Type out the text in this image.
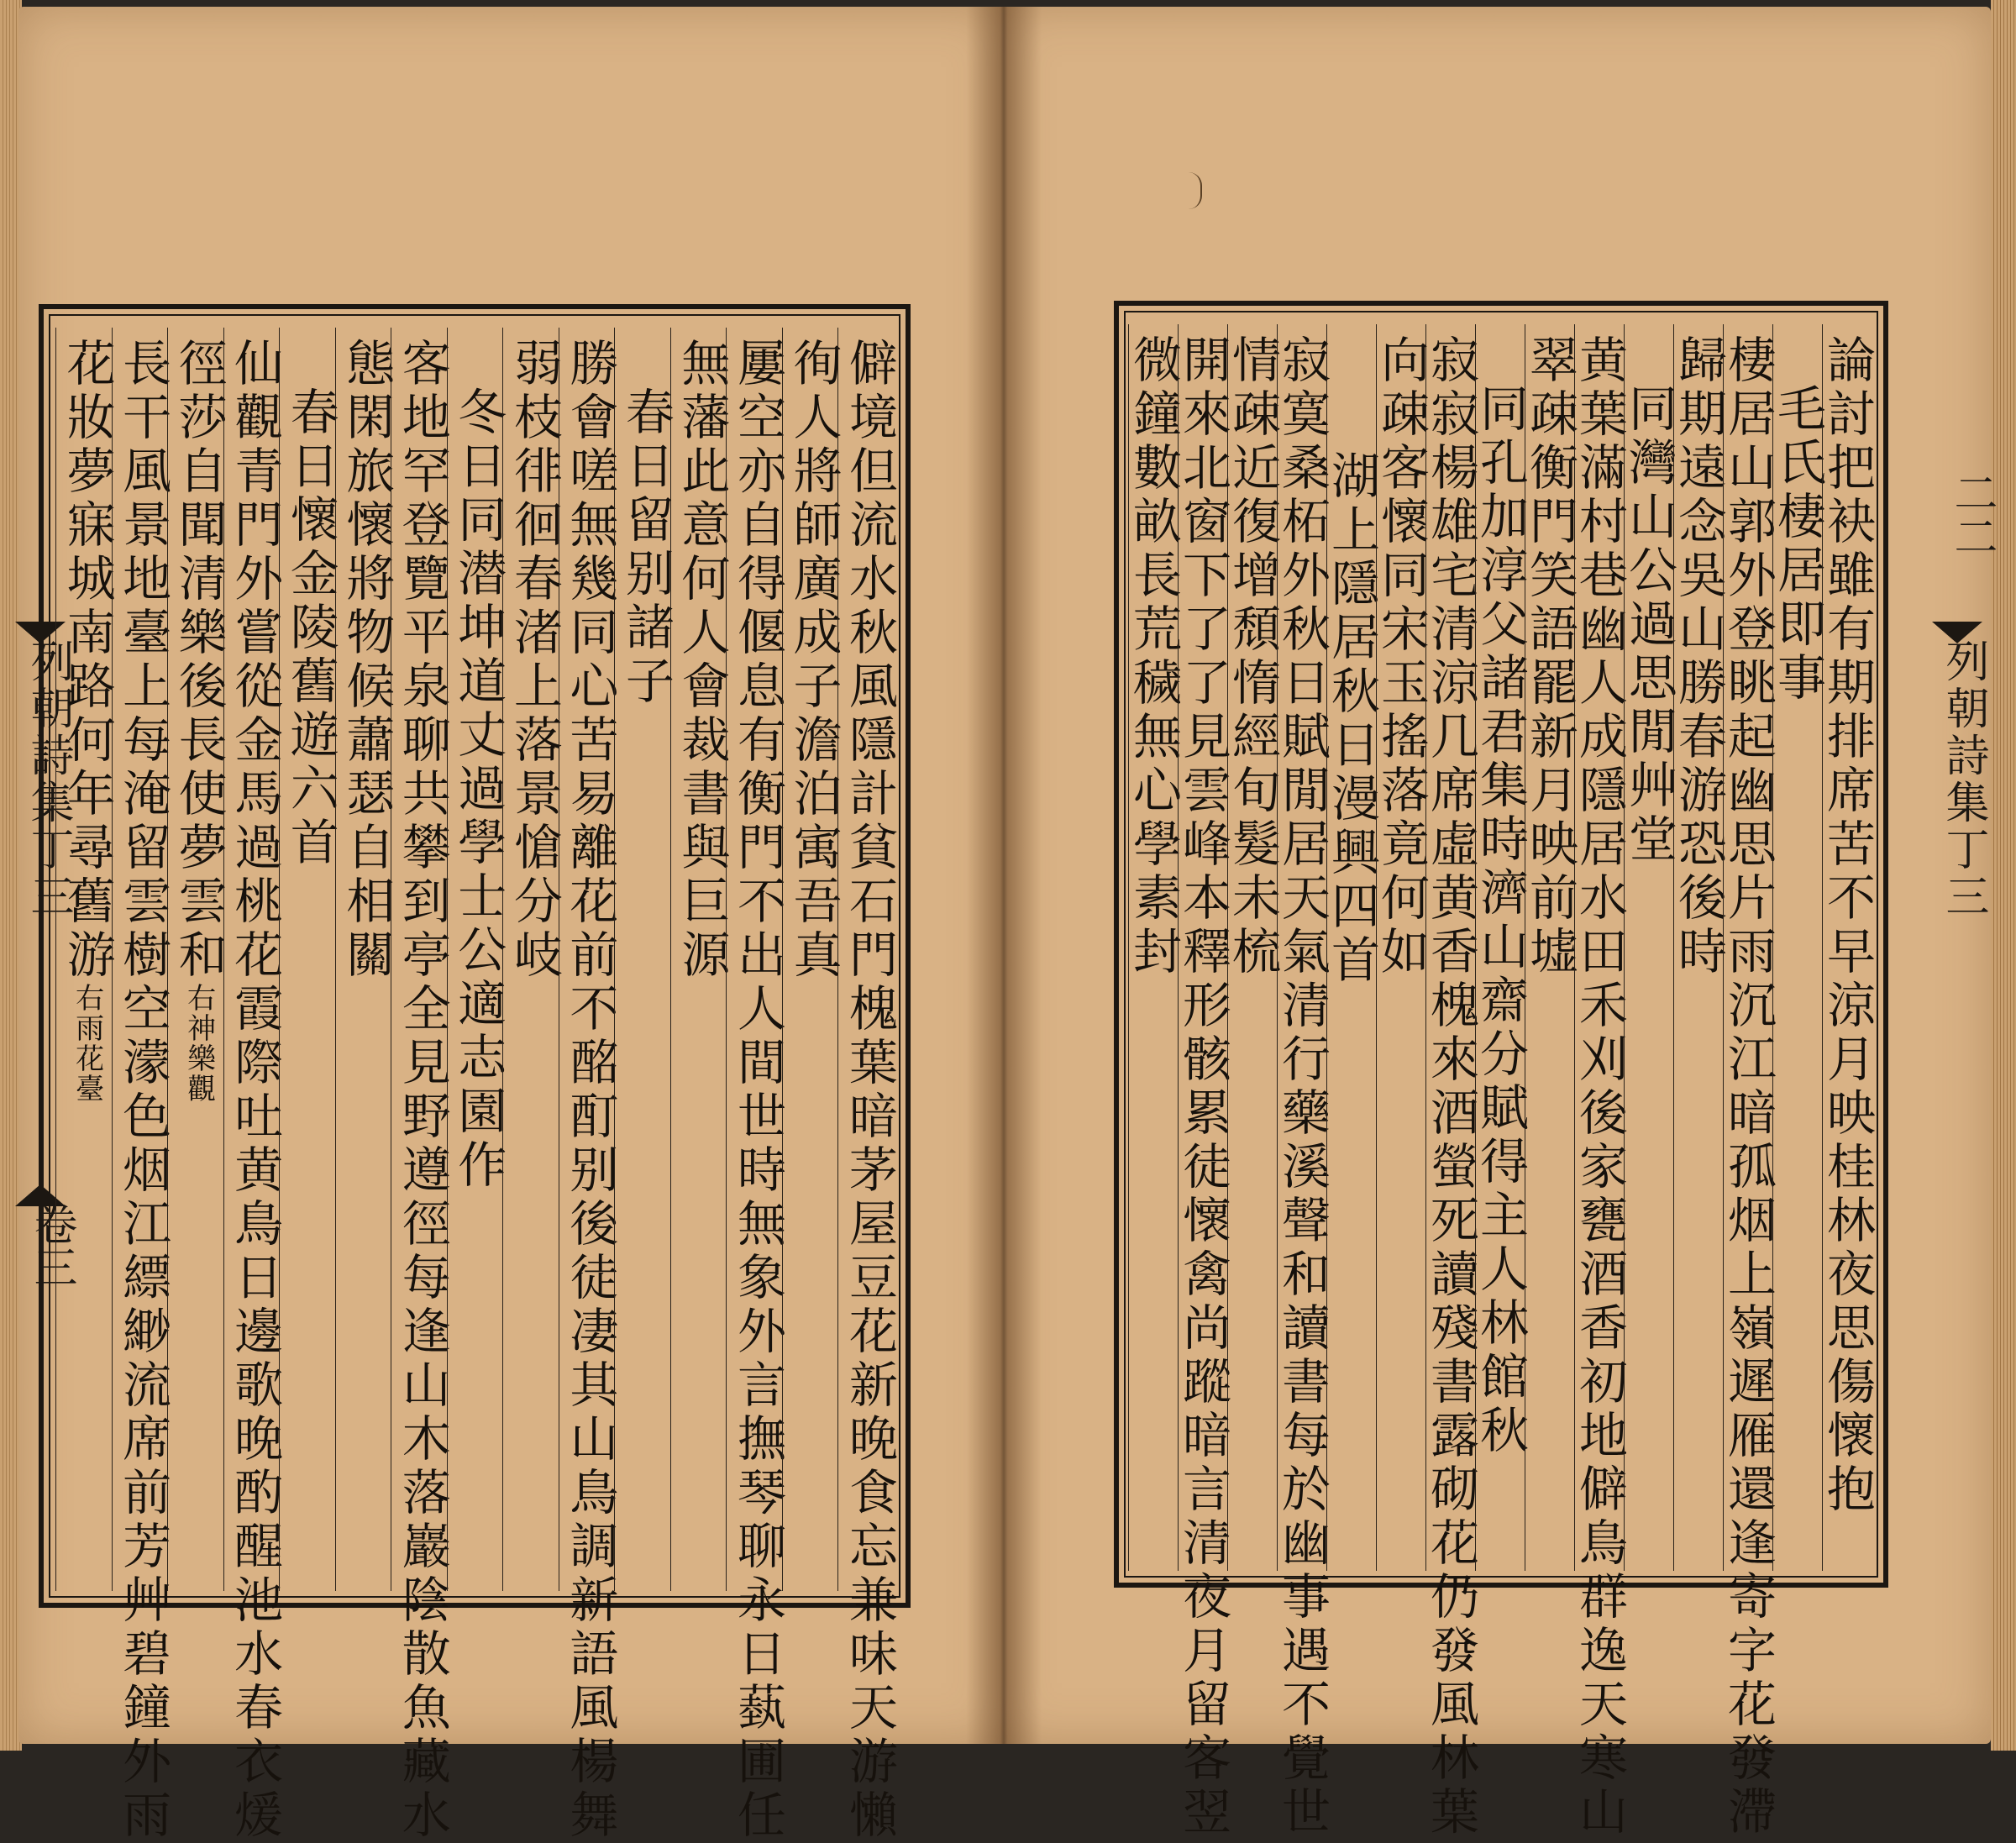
列朝詩集丁三
卷三
列朝詩集丁三
二二
僻境但流水秋風隱計貧石門槐葉暗茅屋豆花新晚食忘兼味天游懶
徇人將師廣成子澹泊㝢吾真
屢空亦自得偃息有衡門不出人間世時無象外言撫琴聊永日蓺圃任
無藩此意何人會裁書與巨源
春日留别諸子
勝會嗟無幾同心苦易離花前不酩酊别後徒凄其山鳥調新語風楊舞
弱枝徘徊春渚上落景愴分岐
冬日同潜坤道丈過學士公適志園作
客地罕登覽平泉聊共攀到亭全見野遵徑每逢山木落巖陰散魚藏水
態閑旅懷將物候蕭瑟自相關
春日懷金陵舊遊六首
仙觀青門外嘗從金馬過桃花霞際吐黄鳥日邊歌晚酌醒池水春衣煖
徑莎自聞清樂後長使夢雲和右神樂觀
長干風景地臺上每淹留雲樹空濛色烟江縹緲流席前芳艸碧鐘外雨
花妝夢寐城南路何年尋舊游右雨花臺	論討把袂雖有期排席苦不早涼月映桂林夜思傷懷抱
毛氏棲居即事
棲居山郭外登眺起幽思片雨沉江暗孤烟上嶺遲雁還逢寄字花發滯
歸期遠念吳山勝春游恐後時
同灣山公過思閒艸堂
黄葉滿村巷幽人成隱居水田禾刈後家甕酒香初地僻鳥群逸天寒山
翠疎衡門笑語罷新月映前墟
同孔加淳父諸君集時濟山齋分賦得主人林館秋
寂寂楊雄宅清涼几席虛黄香槐來酒螢死讀殘書露砌花仍發風林葉
向疎客懷同宋玉搖落竟何如
湖上隱居秋日漫興四首
寂寞桑柘外秋日賦閒居天氣清行藥溪聲和讀書每於幽事遇不覺世
情疎近復增頹惰經旬髮未梳
開來北窗下了了見雲峰本釋形骸累徒懷禽尚蹤暗言清夜月留客翌
微鐘數畝長荒穢無心學素封
